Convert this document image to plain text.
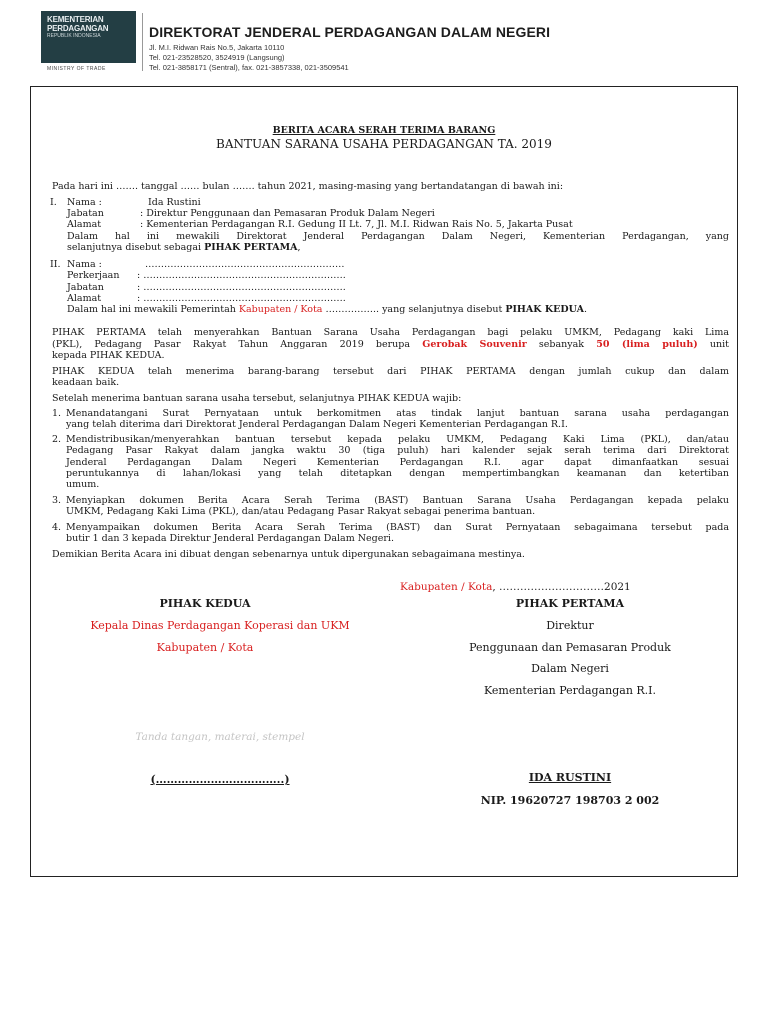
KEMENTERIAN
PERDAGANGAN
REPUBLIK INDONESIA
MINISTRY OF TRADE
DIREKTORAT JENDERAL PERDAGANGAN DALAM NEGERI
Jl. M.I. Ridwan Rais No.5, Jakarta 10110
Tel. 021-23528520, 3524919 (Langsung)
Tel. 021-3858171 (Sentral), fax. 021-3857338, 021-3509541
BERITA ACARA SERAH TERIMA BARANG
BANTUAN SARANA USAHA PERDAGANGAN TA. 2019
Pada hari ini ……. tanggal …… bulan ……. tahun 2021, masing-masing yang bertandatangan di bawah ini:
I. Nama :	Ida Rustini
Jabatan	: Direktur Penggunaan dan Pemasaran Produk Dalam Negeri
Alamat	: Kementerian Perdagangan R.I. Gedung II Lt. 7, Jl. M.I. Ridwan Rais No. 5, Jakarta Pusat
Dalam hal ini mewakili Direktorat Jenderal Perdagangan Dalam Negeri, Kementerian Perdagangan, yang
selanjutnya disebut sebagai PIHAK PERTAMA,
II. Nama :	………………………………………………………
Perkerjaan : ……………………………………………………….
Jabatan	: ……………………………………………………….
Alamat	: ……………………………………………………….
Dalam hal ini mewakili Pemerintah Kabupaten / Kota …………….. yang selanjutnya disebut PIHAK KEDUA.
PIHAK PERTAMA telah menyerahkan Bantuan Sarana Usaha Perdagangan bagi pelaku UMKM, Pedagang kaki Lima
(PKL), Pedagang Pasar Rakyat Tahun Anggaran 2019 berupa Gerobak Souvenir sebanyak 50 (lima puluh) unit
kepada PIHAK KEDUA.
PIHAK KEDUA telah menerima barang-barang tersebut dari PIHAK PERTAMA dengan jumlah cukup dan dalam
keadaan baik.
Setelah menerima bantuan sarana usaha tersebut, selanjutnya PIHAK KEDUA wajib:
1. Menandatangani Surat Pernyataan untuk berkomitmen atas tindak lanjut bantuan sarana usaha perdagangan
yang telah diterima dari Direktorat Jenderal Perdagangan Dalam Negeri Kementerian Perdagangan R.I.
2. Mendistribusikan/menyerahkan bantuan tersebut kepada pelaku UMKM, Pedagang Kaki Lima (PKL), dan/atau
Pedagang Pasar Rakyat dalam jangka waktu 30 (tiga puluh) hari kalender sejak serah terima dari Direktorat
Jenderal Perdagangan Dalam Negeri Kementerian Perdagangan R.I. agar dapat dimanfaatkan sesuai
peruntukannya di lahan/lokasi yang telah ditetapkan dengan mempertimbangkan keamanan dan ketertiban
umum.
3. Menyiapkan dokumen Berita Acara Serah Terima (BAST) Bantuan Sarana Usaha Perdagangan kepada pelaku
UMKM, Pedagang Kaki Lima (PKL), dan/atau Pedagang Pasar Rakyat sebagai penerima bantuan.
4. Menyampaikan dokumen Berita Acara Serah Terima (BAST) dan Surat Pernyataan sebagaimana tersebut pada
butir 1 dan 3 kepada Direktur Jenderal Perdagangan Dalam Negeri.
Demikian Berita Acara ini dibuat dengan sebenarnya untuk dipergunakan sebagaimana mestinya.
Kabupaten / Kota, …………………………2021
PIHAK KEDUA
Kepala Dinas Perdagangan Koperasi dan UKM
Kabupaten / Kota
Tanda tangan, materai, stempel
(……………………………..)
PIHAK PERTAMA
Direktur
Penggunaan dan Pemasaran Produk
Dalam Negeri
Kementerian Perdagangan R.I.
IDA RUSTINI
NIP. 19620727 198703 2 002
